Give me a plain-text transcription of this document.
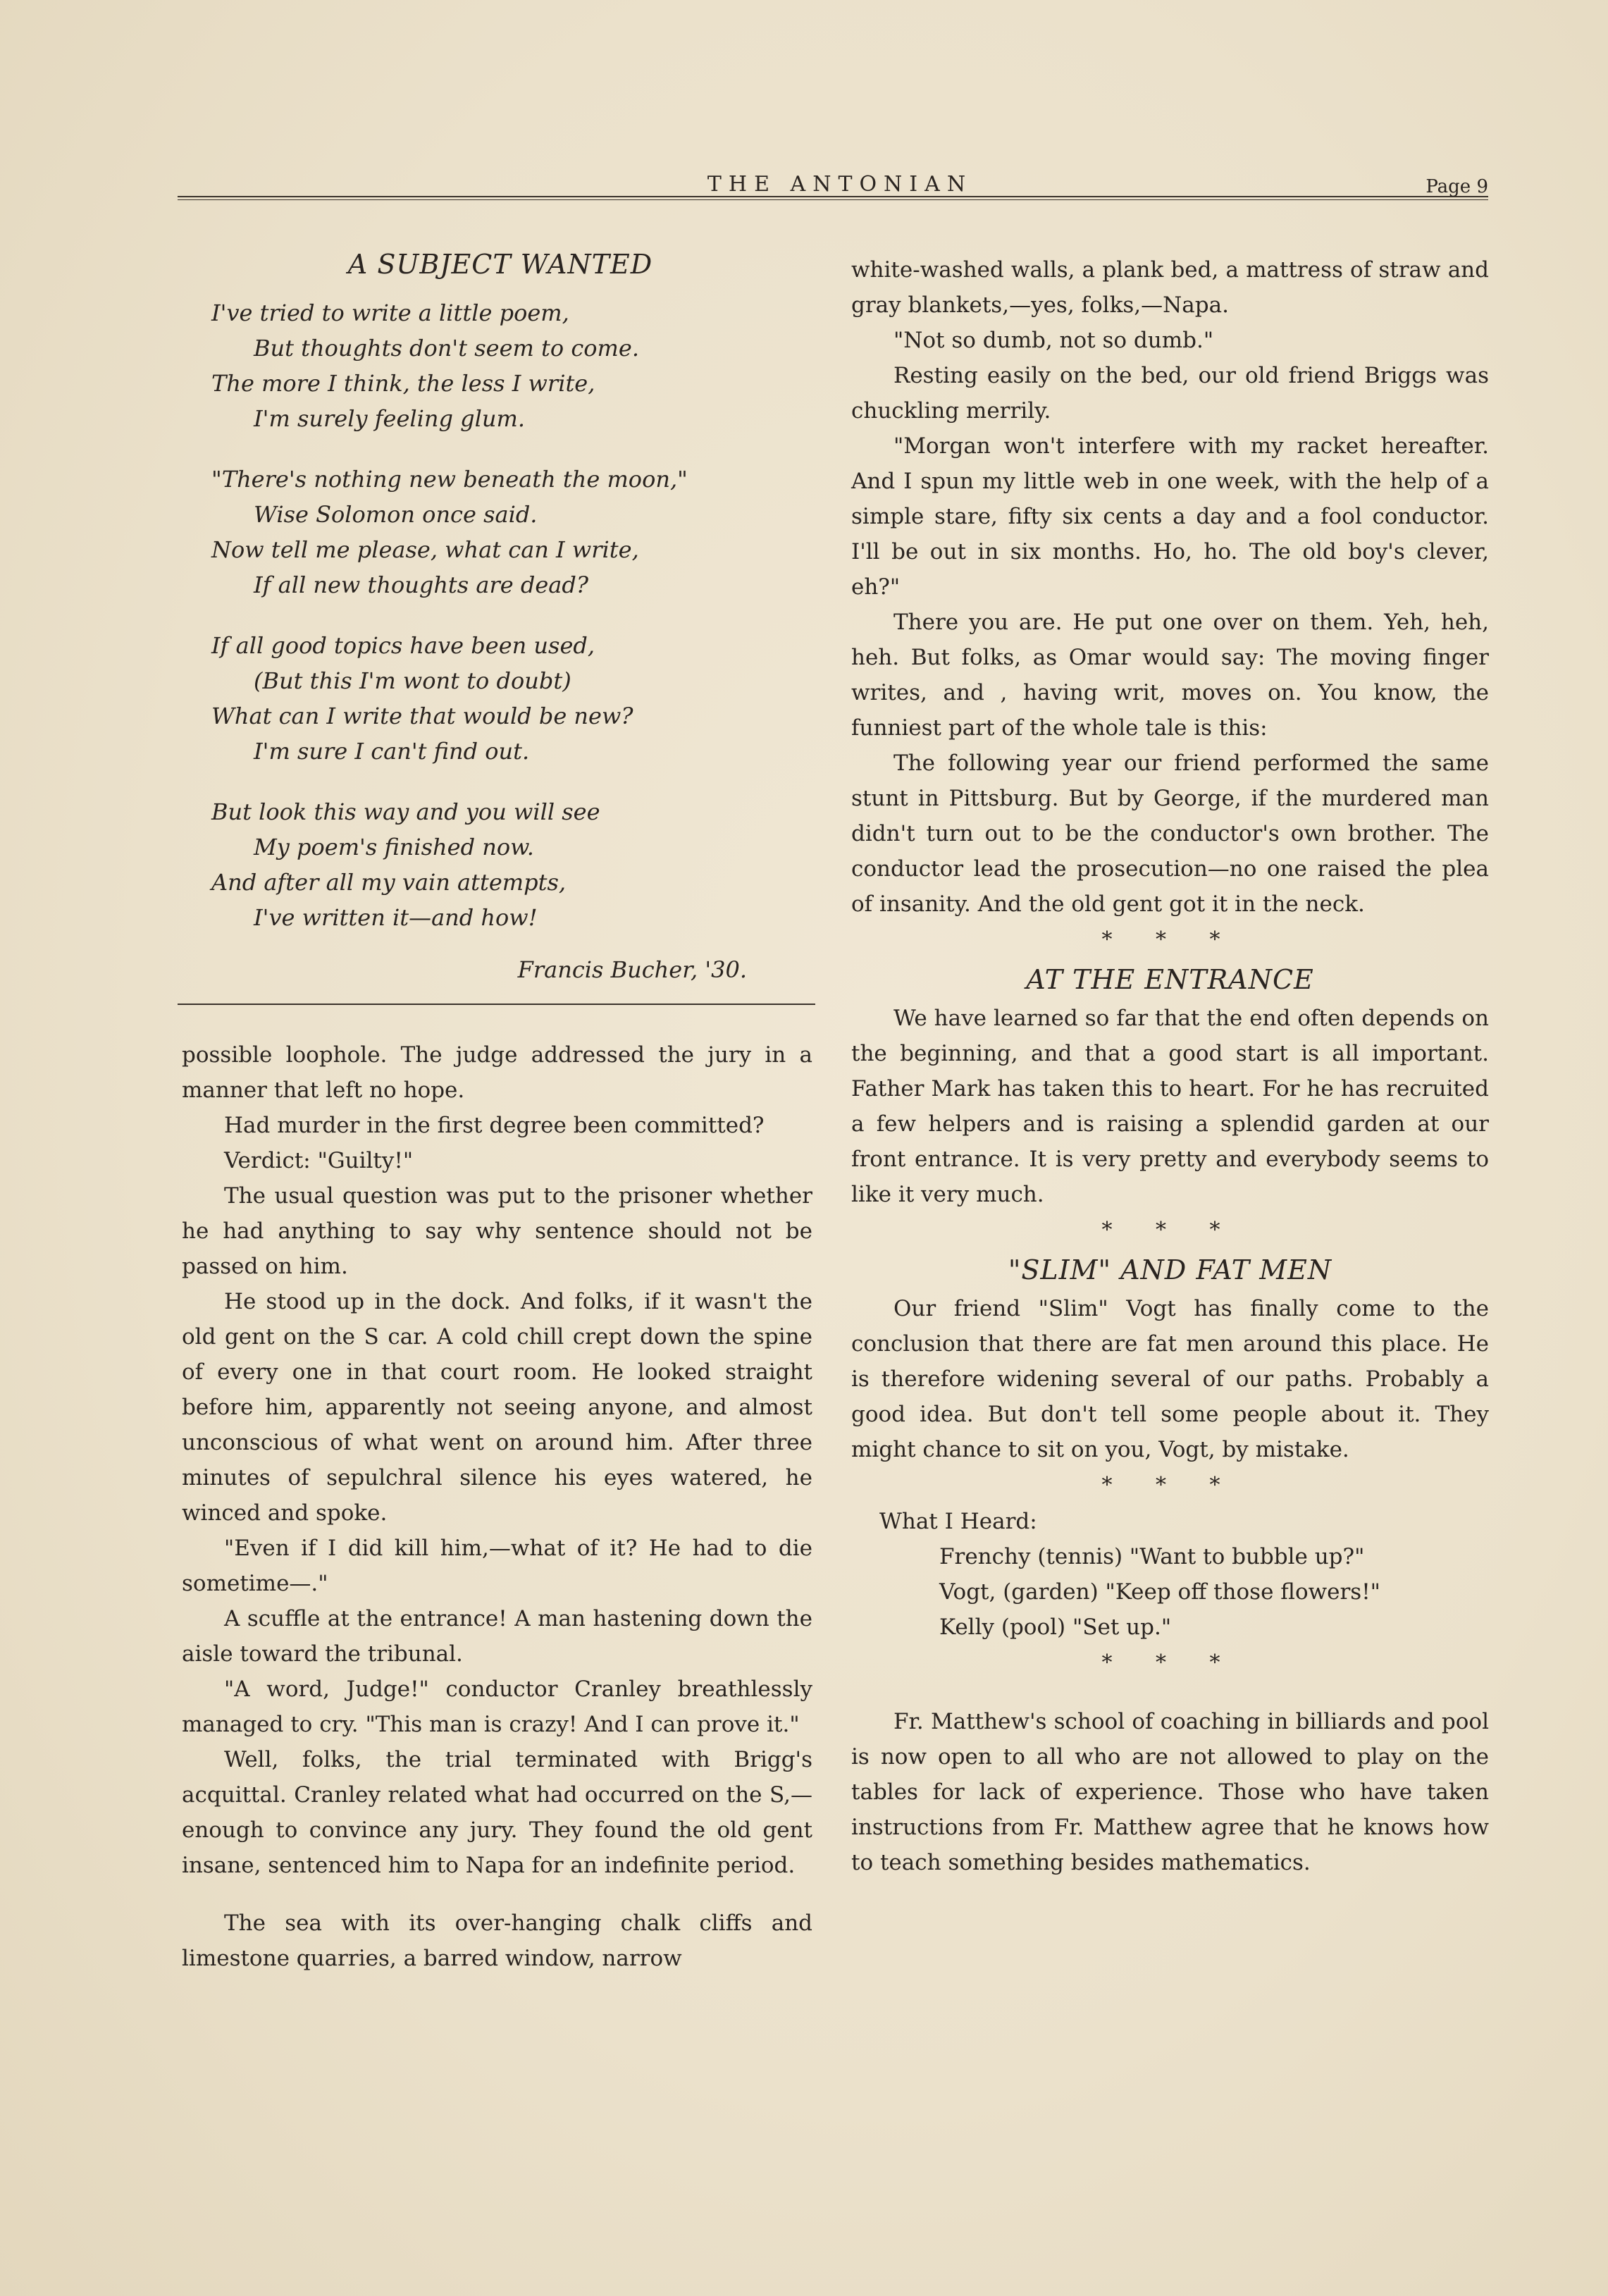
THE ANTONIAN	Page 9
A SUBJECT WANTED
I've tried to write a little poem,
But thoughts don't seem to come.
The more I think, the less I write,
I'm surely feeling glum.
"There's nothing new beneath the moon,"
Wise Solomon once said.
Now tell me please, what can I write,
If all new thoughts are dead?
If all good topics have been used,
(But this I'm wont to doubt)
What can I write that would be new?
I'm sure I can't find out.
But look this way and you will see
My poem's finished now.
And after all my vain attempts,
I've written it—and how!
Francis Bucher, '30.

possible loophole. The judge addressed the jury in a manner that left no hope.

Had murder in the first degree been committed?

Verdict: "Guilty!"

The usual question was put to the prisoner whether he had anything to say why sentence should not be passed on him.

He stood up in the dock. And folks, if it wasn't the old gent on the S car. A cold chill crept down the spine of every one in that court room. He looked straight before him, apparently not seeing anyone, and almost unconscious of what went on around him. After three minutes of sepulchral silence his eyes watered, he winced and spoke.

"Even if I did kill him,—what of it? He had to die sometime—."

A scuffle at the entrance! A man hastening down the aisle toward the tribunal.

"A word, Judge!" conductor Cranley breathlessly managed to cry. "This man is crazy! And I can prove it."

Well, folks, the trial terminated with Brigg's acquittal. Cranley related what had occurred on the S,—enough to convince any jury. They found the old gent insane, sentenced him to Napa for an indefinite period.

The sea with its over-hanging chalk cliffs and limestone quarries, a barred window, narrow

white-washed walls, a plank bed, a mattress of straw and gray blankets,—yes, folks,—Napa.

"Not so dumb, not so dumb."

Resting easily on the bed, our old friend Briggs was chuckling merrily.

"Morgan won't interfere with my racket hereafter. And I spun my little web in one week, with the help of a simple stare, fifty six cents a day and a fool conductor. I'll be out in six months. Ho, ho. The old boy's clever, eh?"

There you are. He put one over on them. Yeh, heh, heh. But folks, as Omar would say: The moving finger writes, and , having writ, moves on. You know, the funniest part of the whole tale is this:

The following year our friend performed the same stunt in Pittsburg. But by George, if the murdered man didn't turn out to be the conductor's own brother. The conductor lead the prosecution—no one raised the plea of insanity. And the old gent got it in the neck.

* * *
AT THE ENTRANCE

We have learned so far that the end often depends on the beginning, and that a good start is all important. Father Mark has taken this to heart. For he has recruited a few helpers and is raising a splendid garden at our front entrance. It is very pretty and everybody seems to like it very much.

* * *
"SLIM" AND FAT MEN

Our friend "Slim" Vogt has finally come to the conclusion that there are fat men around this place. He is therefore widening several of our paths. Probably a good idea. But don't tell some people about it. They might chance to sit on you, Vogt, by mistake.

* * *
What I Heard:
Frenchy (tennis) "Want to bubble up?"
Vogt, (garden) "Keep off those flowers!"
Kelly (pool) "Set up."
* * *

Fr. Matthew's school of coaching in billiards and pool is now open to all who are not allowed to play on the tables for lack of experience. Those who have taken instructions from Fr. Matthew agree that he knows how to teach something besides mathematics.
